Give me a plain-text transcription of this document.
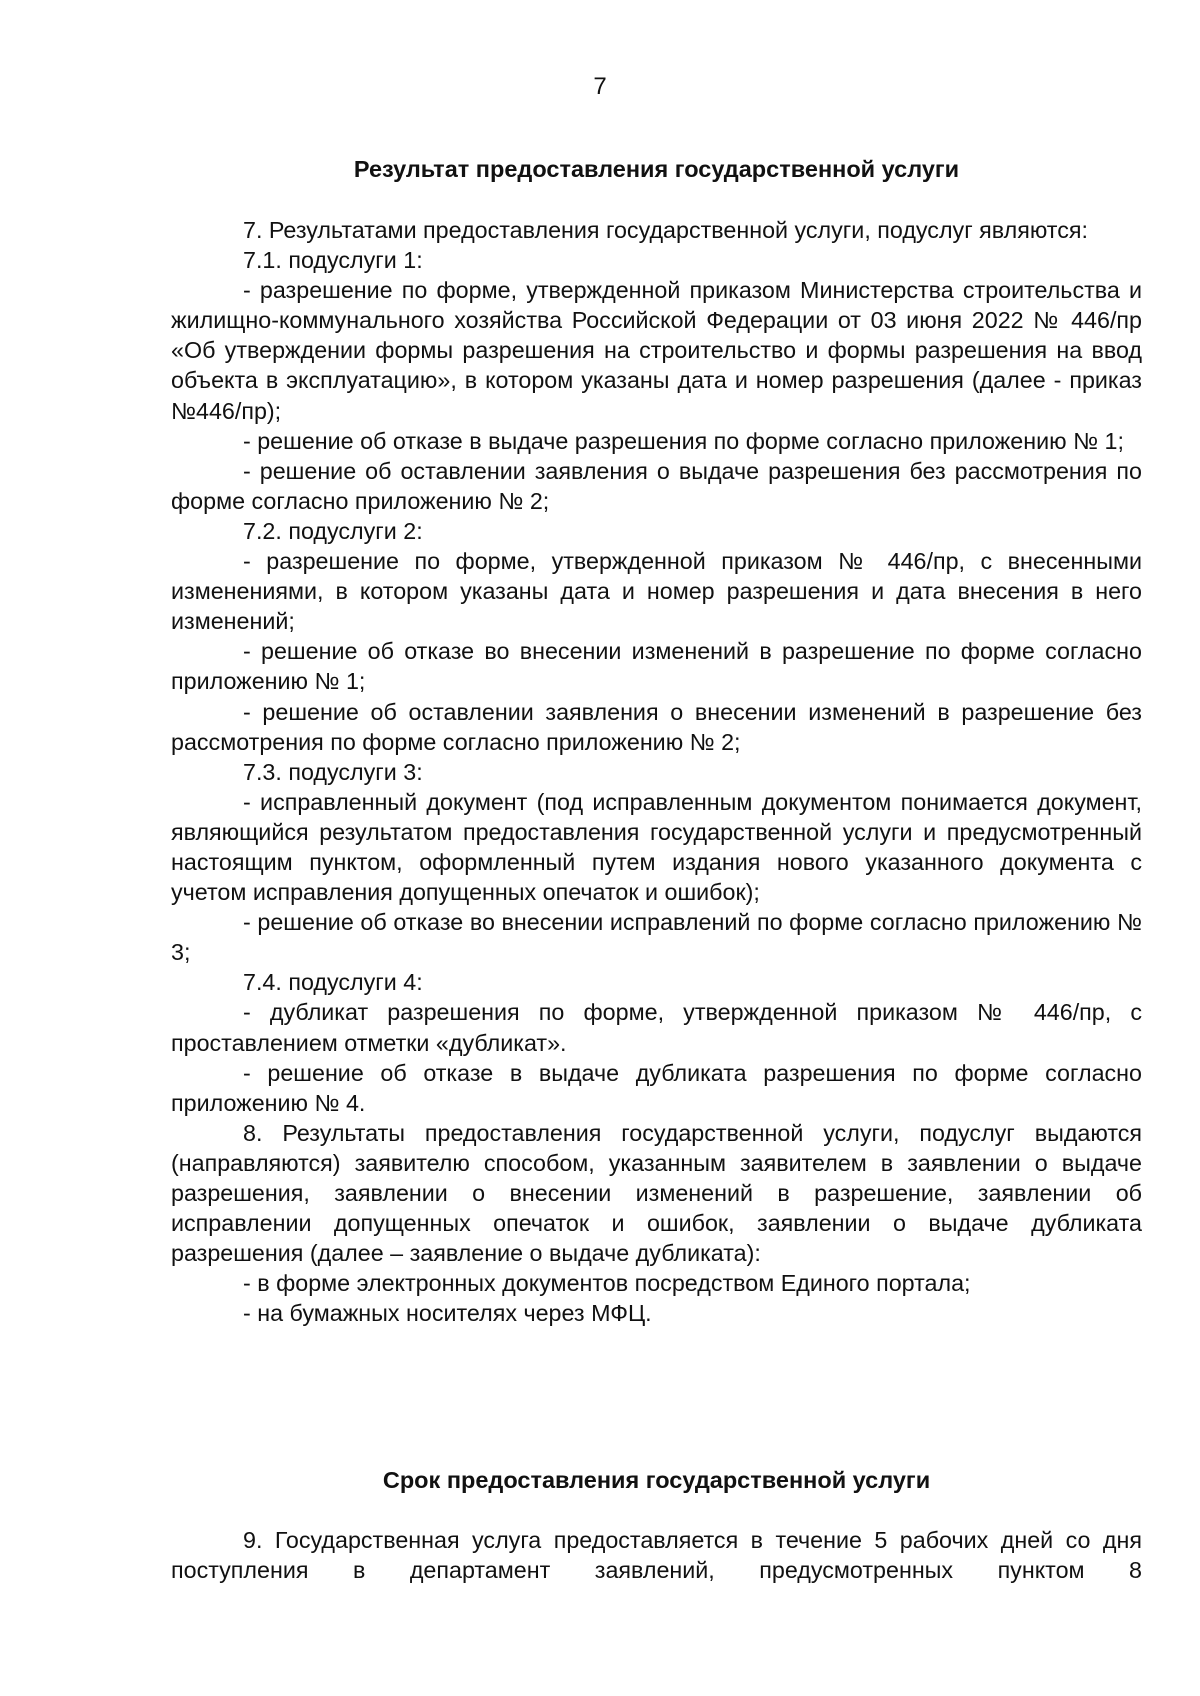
7
Результат предоставления государственной услуги

7. Результатами предоставления государственной услуги, подуслуг являются:

7.1. подуслуги 1:

- разрешение по форме, утвержденной приказом Министерства строительства и жилищно-коммунального хозяйства Российской Федерации от 03 июня 2022 № 446/пр «Об утверждении формы разрешения на строительство и формы разрешения на ввод объекта в эксплуатацию», в котором указаны дата и номер разрешения (далее - приказ №446/пр);

- решение об отказе в выдаче разрешения по форме согласно приложению № 1;

- решение об оставлении заявления о выдаче разрешения без рассмотрения по форме согласно приложению № 2;

7.2. подуслуги 2:

- разрешение по форме, утвержденной приказом № 446/пр, с внесенными изменениями, в котором указаны дата и номер разрешения и дата внесения в него изменений;

- решение об отказе во внесении изменений в разрешение по форме согласно приложению № 1;

- решение об оставлении заявления о внесении изменений в разрешение без рассмотрения по форме согласно приложению № 2;

7.3. подуслуги 3:

- исправленный документ (под исправленным документом понимается документ, являющийся результатом предоставления государственной услуги и предусмотренный настоящим пунктом, оформленный путем издания нового указанного документа с учетом исправления допущенных опечаток и ошибок);

- решение об отказе во внесении исправлений по форме согласно приложению № 3;

7.4. подуслуги 4:

- дубликат разрешения по форме, утвержденной приказом № 446/пр, с проставлением отметки «дубликат».

- решение об отказе в выдаче дубликата разрешения по форме согласно приложению № 4.

8. Результаты предоставления государственной услуги, подуслуг выдаются (направляются) заявителю способом, указанным заявителем в заявлении о выдаче разрешения, заявлении о внесении изменений в разрешение, заявлении об исправлении допущенных опечаток и ошибок, заявлении о выдаче дубликата разрешения (далее – заявление о выдаче дубликата):

- в форме электронных документов посредством Единого портала;

- на бумажных носителях через МФЦ.

Срок предоставления государственной услуги

9. Государственная услуга предоставляется в течение 5 рабочих дней со дня поступления в департамент заявлений, предусмотренных пунктом 8
